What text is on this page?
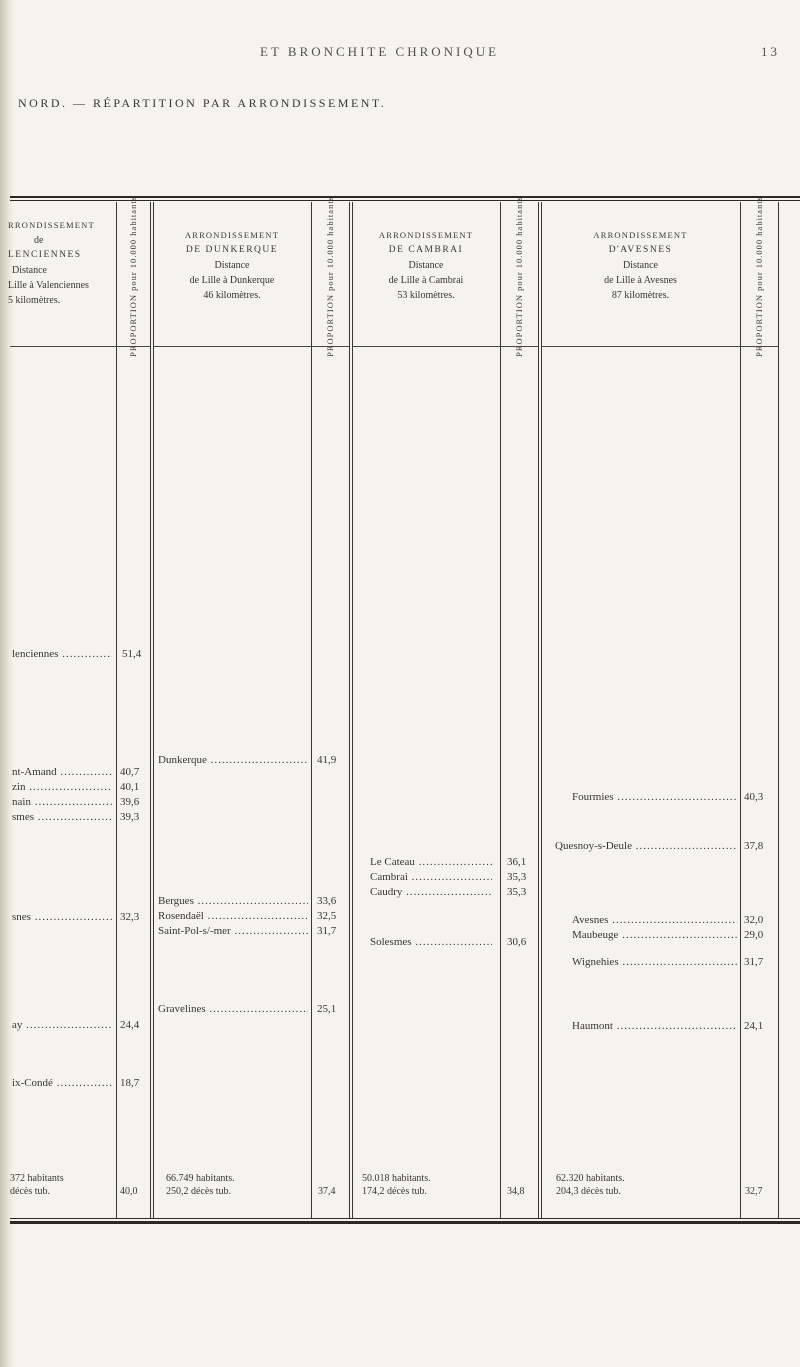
ET BRONCHITE CHRONIQUE	13
NORD. — RÉPARTITION PAR ARRONDISSEMENT.
RRONDISSEMENT
de
LENCIENNES
Distance
Lille à Valenciennes
5 kilomètres.	PROPORTION pour 10.000 habitants	ARRONDISSEMENT
DE DUNKERQUE
Distance
de Lille à Dunkerque
46 kilomètres.	PROPORTION pour 10.000 habitants	ARRONDISSEMENT
DE CAMBRAI
Distance
de Lille à Cambrai
53 kilomètres.	PROPORTION pour 10.000 habitants	ARRONDISSEMENT
D'AVESNES
Distance
de Lille à Avesnes
87 kilomètres.	PROPORTION pour 10.000 habitants
lenciennes .....	51,4
nt-Amand .....	40,7
zin .....	40,1
nain .....	39,6
smes .....	39,3
snes .....	32,3
ay .....	24,4
ix-Condé .....	18,7
Dunkerque .....	41,9
Bergues .....	33,6
Rosendaël .....	32,5
Saint-Pol-s/-mer .....	31,7
Gravelines .....	25,1
Le Cateau .....	36,1
Cambrai .....	35,3
Caudry .....	35,3
Solesmes .....	30,6
Fourmies .....	40,3
Quesnoy-s-Deule .....	37,8
Avesnes .....	32,0
Maubeuge .....	29,0
Wignehies .....	31,7
Haumont .....	24,1
372 habitants
décès tub.	40,0
66.749 habitants.
250,2 décès tub.	37,4
50.018 habitants.
174,2 décès tub.	34,8
62.320 habitants.
204,3 décès tub.	32,7
